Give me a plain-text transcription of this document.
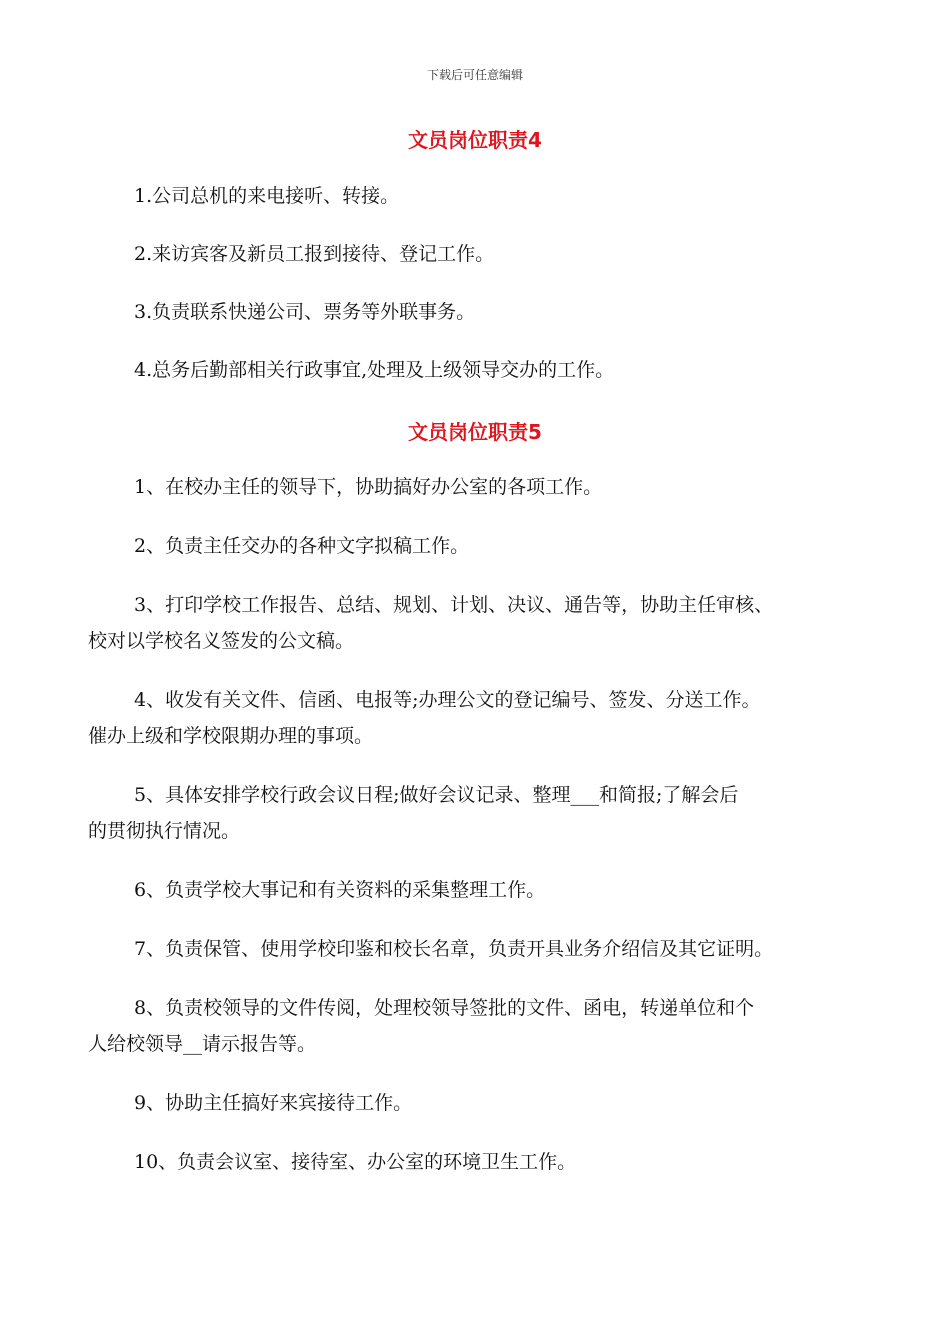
下载后可任意编辑
文员岗位职责4
1.公司总机的来电接听、转接。
2.来访宾客及新员工报到接待、登记工作。
3.负责联系快递公司、票务等外联事务。
4.总务后勤部相关行政事宜,处理及上级领导交办的工作。
文员岗位职责5
1、在校办主任的领导下，协助搞好办公室的各项工作。
2、负责主任交办的各种文字拟稿工作。
3、打印学校工作报告、总结、规划、计划、决议、通告等，协助主任审核、
校对以学校名义签发的公文稿。
4、收发有关文件、信函、电报等;办理公文的登记编号、签发、分送工作。
催办上级和学校限期办理的事项。
5、具体安排学校行政会议日程;做好会议记录、整理___和简报;了解会后
的贯彻执行情况。
6、负责学校大事记和有关资料的采集整理工作。
7、负责保管、使用学校印鉴和校长名章，负责开具业务介绍信及其它证明。
8、负责校领导的文件传阅，处理校领导签批的文件、函电，转递单位和个
人给校领导__请示报告等。
9、协助主任搞好来宾接待工作。
10、负责会议室、接待室、办公室的环境卫生工作。
